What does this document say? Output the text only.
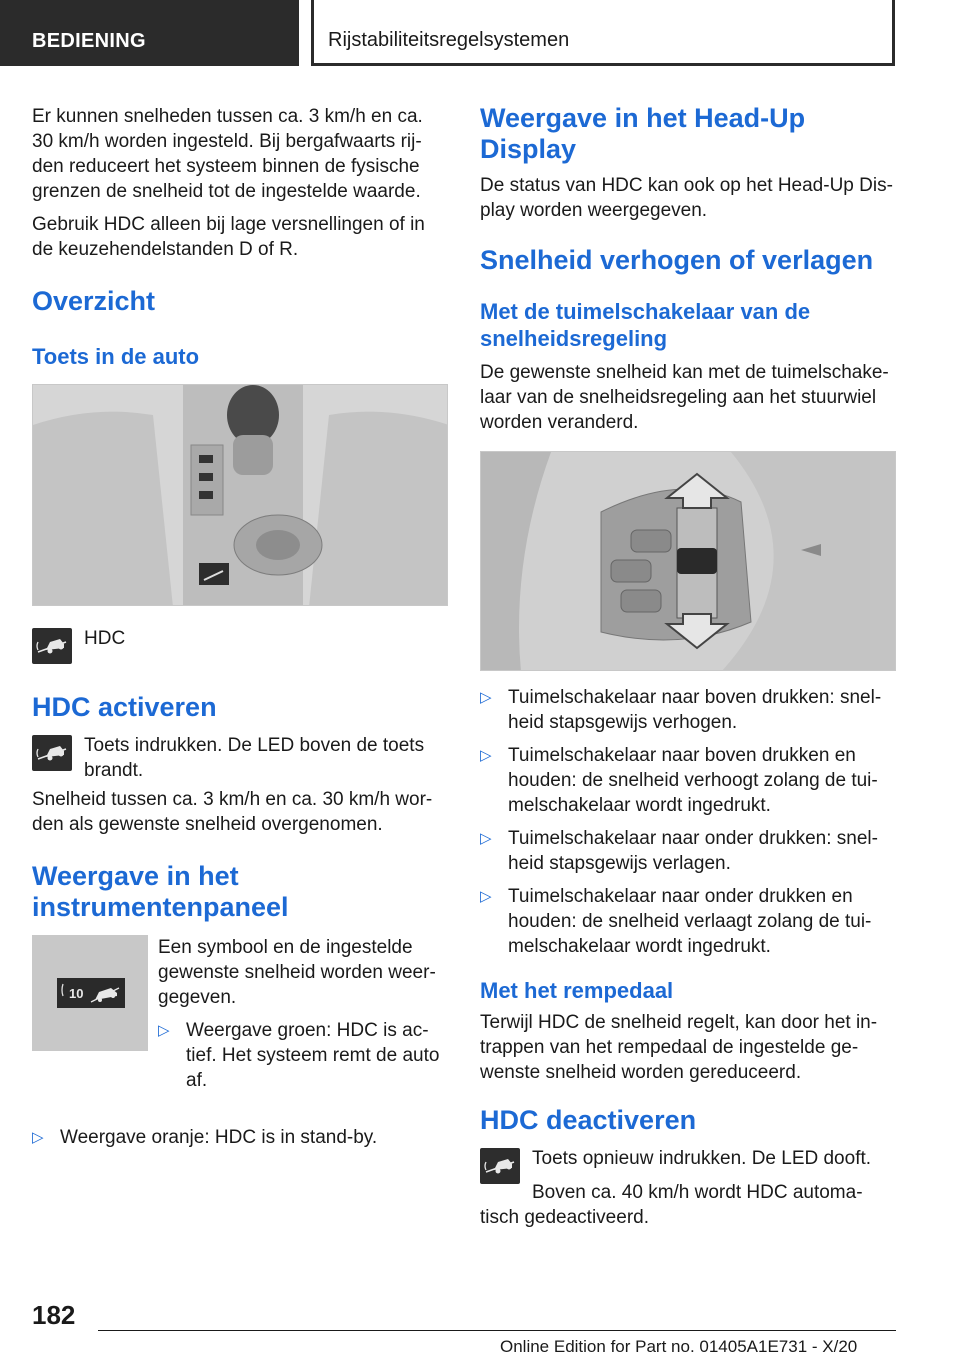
BEDIENING	Rijstabiliteitsregelsystemen

Er kunnen snelheden tussen ca. 3 km/h en ca. 30 km/h worden ingesteld. Bij bergafwaarts rij-den reduceert het systeem binnen de fysische grenzen de snelheid tot de ingestelde waarde.

Gebruik HDC alleen bij lage versnellingen of in de keuzehendelstanden D of R.

Overzicht
Toets in de auto
HDC
HDC activeren

Toets indrukken. De LED boven de toets brandt.

Snelheid tussen ca. 3 km/h en ca. 30 km/h wor-den als gewenste snelheid overgenomen.

Weergave in het instrumentenpaneel
10

Een symbool en de ingestelde gewenste snelheid worden weer-gegeven.

▷ Weergave groen: HDC is ac-tief. Het systeem remt de auto af.
▷ Weergave oranje: HDC is in stand-by.
Weergave in het Head-Up Display

De status van HDC kan ook op het Head-Up Dis-play worden weergegeven.

Snelheid verhogen of verlagen
Met de tuimelschakelaar van de snelheidsregeling

De gewenste snelheid kan met de tuimelschake-laar van de snelheidsregeling aan het stuurwiel worden veranderd.

▷ Tuimelschakelaar naar boven drukken: snel-heid stapsgewijs verhogen.
▷ Tuimelschakelaar naar boven drukken en houden: de snelheid verhoogt zolang de tui-melschakelaar wordt ingedrukt.
▷ Tuimelschakelaar naar onder drukken: snel-heid stapsgewijs verlagen.
▷ Tuimelschakelaar naar onder drukken en houden: de snelheid verlaagt zolang de tui-melschakelaar wordt ingedrukt.
Met het rempedaal

Terwijl HDC de snelheid regelt, kan door het in-trappen van het rempedaal de ingestelde ge-wenste snelheid worden gereduceerd.

HDC deactiveren

Toets opnieuw indrukken. De LED dooft.

Boven ca. 40 km/h wordt HDC automa-tisch gedeactiveerd.

182
Online Edition for Part no. 01405A1E731 - X/20
